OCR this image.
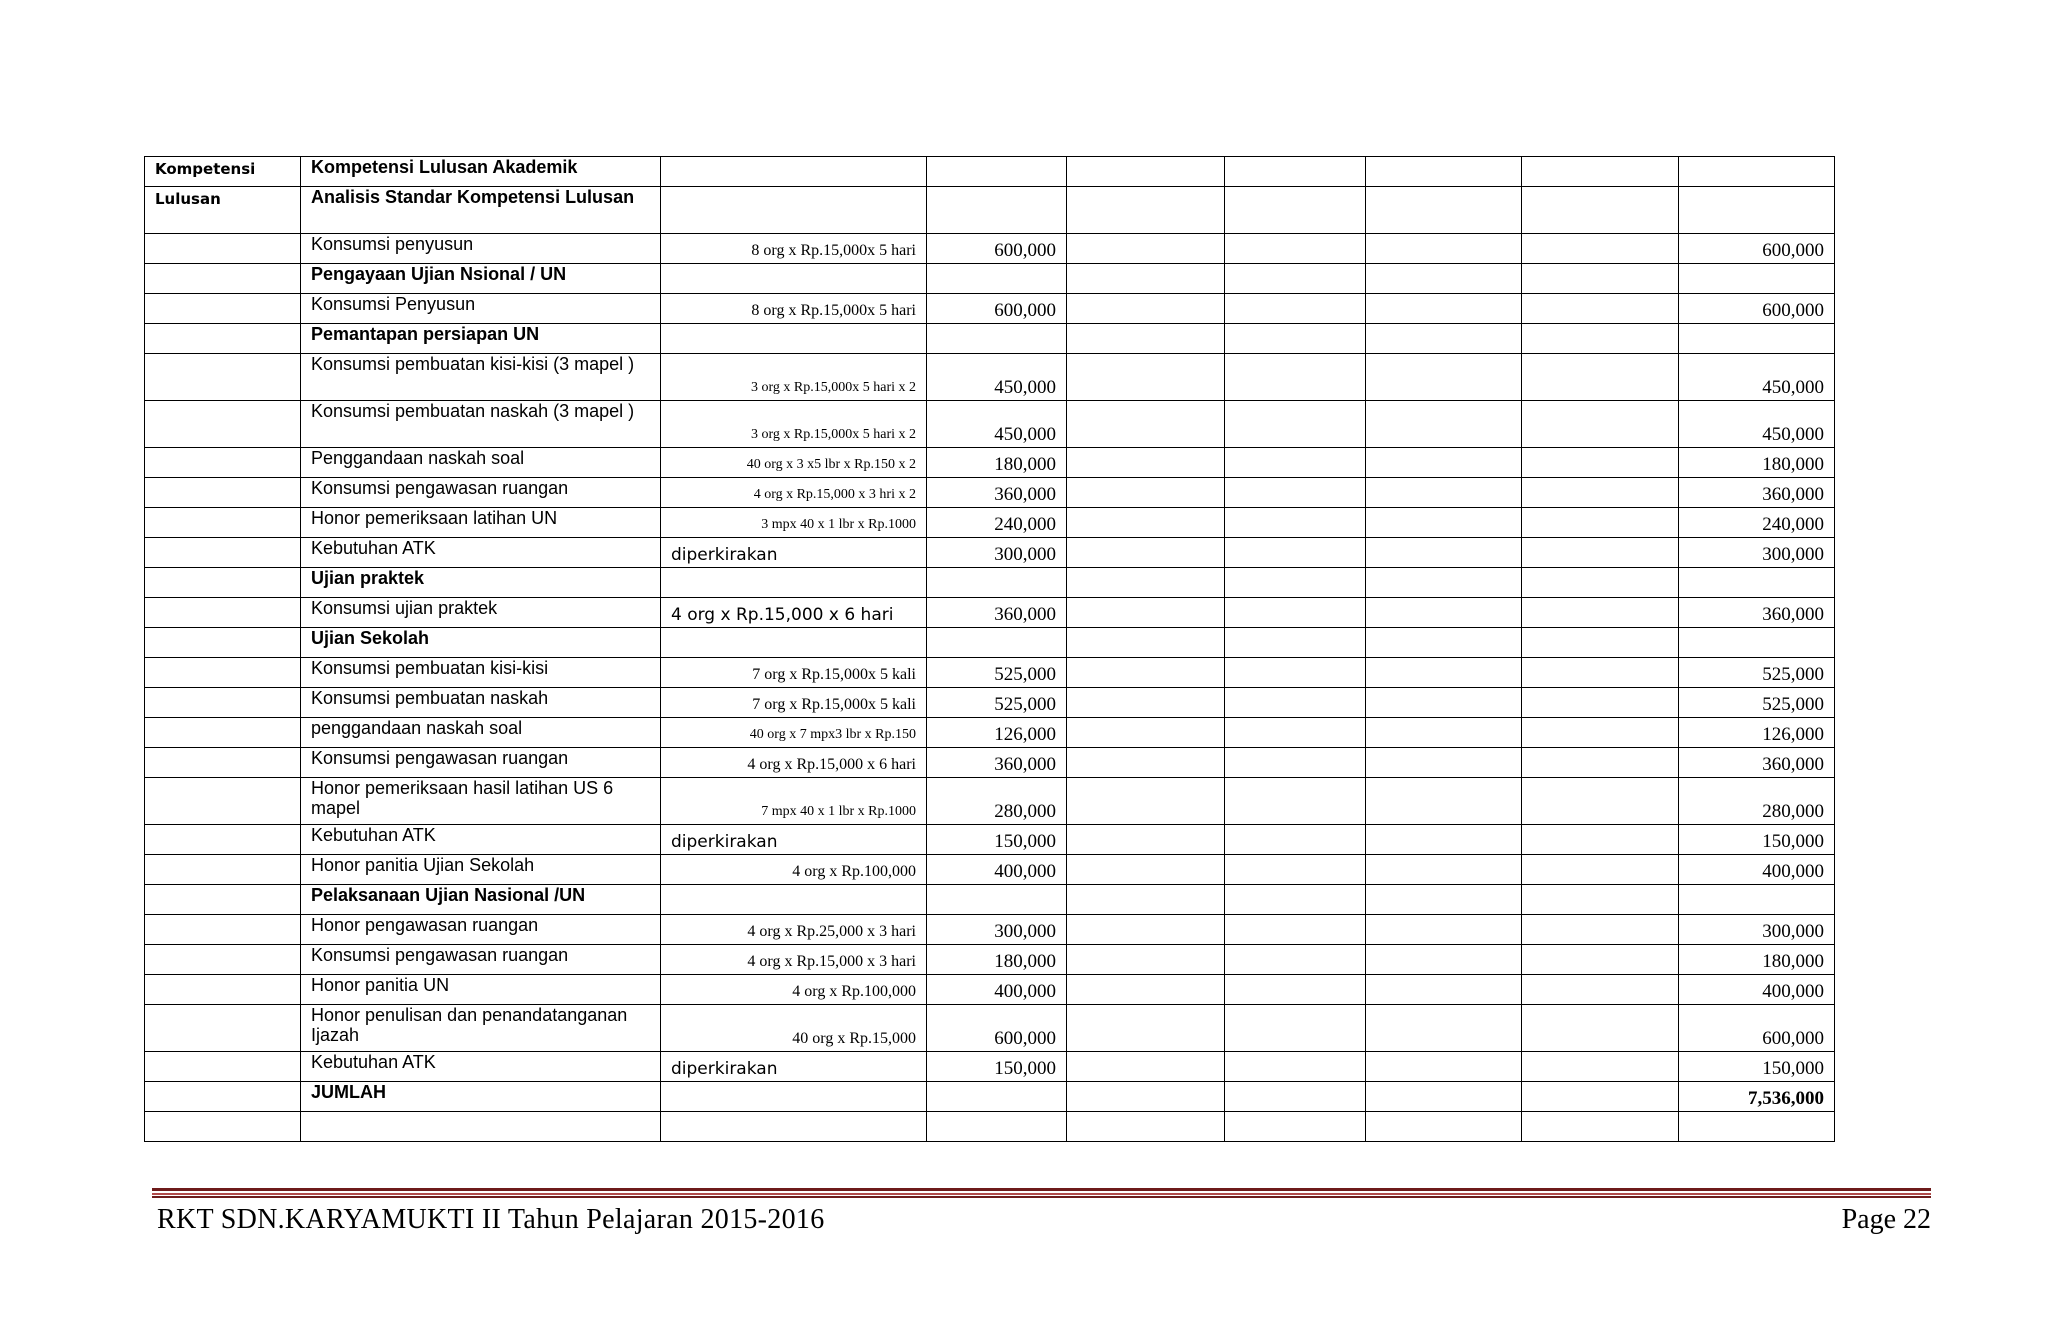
Kompetensi	Kompetensi Lulusan Akademik							
Lulusan	Analisis Standar Kompetensi Lulusan							
	Konsumsi penyusun	8 org x Rp.15,000x 5 hari	600,000					600,000
	Pengayaan Ujian Nsional / UN							
	Konsumsi Penyusun	8 org x Rp.15,000x 5 hari	600,000					600,000
	Pemantapan persiapan UN							
	Konsumsi pembuatan kisi-kisi (3 mapel )	3 org x Rp.15,000x 5 hari x 2	450,000					450,000
	Konsumsi pembuatan naskah (3 mapel )	3 org x Rp.15,000x 5 hari x 2	450,000					450,000
	Penggandaan naskah soal	40 org x 3 x5 lbr x Rp.150 x 2	180,000					180,000
	Konsumsi pengawasan ruangan	4 org x Rp.15,000 x 3 hri x 2	360,000					360,000
	Honor pemeriksaan latihan UN	3 mpx 40 x 1 lbr x Rp.1000	240,000					240,000
	Kebutuhan ATK	diperkirakan	300,000					300,000
	Ujian praktek							
	Konsumsi ujian praktek	4 org x Rp.15,000 x 6 hari	360,000					360,000
	Ujian Sekolah							
	Konsumsi pembuatan kisi-kisi	7 org x Rp.15,000x 5 kali	525,000					525,000
	Konsumsi pembuatan naskah	7 org x Rp.15,000x 5 kali	525,000					525,000
	penggandaan naskah soal	40 org x 7 mpx3 lbr x Rp.150	126,000					126,000
	Konsumsi pengawasan ruangan	4 org x Rp.15,000 x 6 hari	360,000					360,000
	Honor pemeriksaan hasil latihan US 6 mapel	7 mpx 40 x 1 lbr x Rp.1000	280,000					280,000
	Kebutuhan ATK	diperkirakan	150,000					150,000
	Honor panitia Ujian Sekolah	4 org x Rp.100,000	400,000					400,000
	Pelaksanaan Ujian Nasional /UN							
	Honor pengawasan ruangan	4 org x Rp.25,000 x 3 hari	300,000					300,000
	Konsumsi pengawasan ruangan	4 org x Rp.15,000 x 3 hari	180,000					180,000
	Honor panitia UN	4 org x Rp.100,000	400,000					400,000
	Honor penulisan dan penandatanganan Ijazah	40 org x Rp.15,000	600,000					600,000
	Kebutuhan ATK	diperkirakan	150,000					150,000
	JUMLAH							7,536,000

RKT SDN.KARYAMUKTI II Tahun Pelajaran 2015-2016	Page 22
